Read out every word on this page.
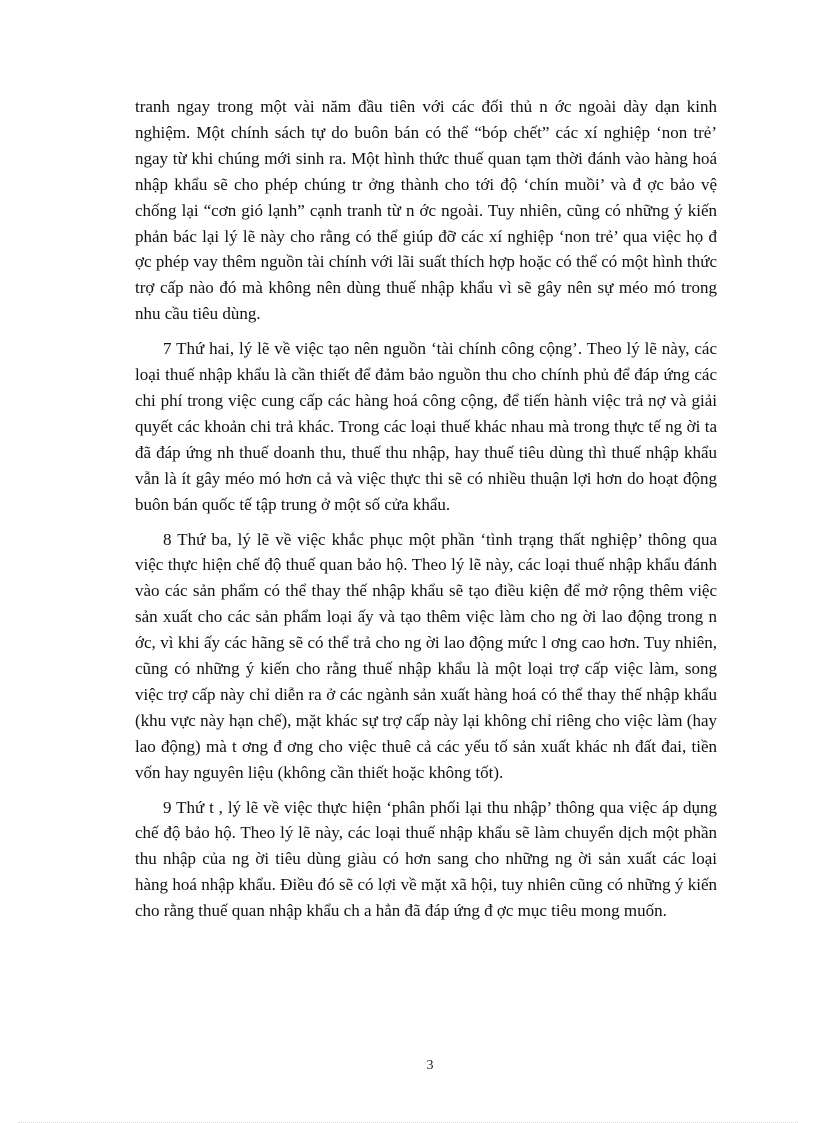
tranh ngay trong một vài năm đầu tiên với các đối thủ n ớc ngoài dày dạn kinh nghiệm. Một chính sách tự do buôn bán có thể “bóp chết” các xí nghiệp ‘non trẻ’ ngay từ khi chúng mới sinh ra. Một hình thức thuế quan tạm thời đánh vào hàng hoá nhập khẩu sẽ cho phép chúng tr ởng thành cho tới độ ‘chín muồi’ và đ ợc bảo vệ chống lại “cơn gió lạnh” cạnh tranh từ n ớc ngoài. Tuy nhiên, cũng có những ý kiến phản bác lại lý lẽ này cho rằng có thể giúp đỡ các xí nghiệp ‘non trẻ’ qua việc họ đ ợc phép vay thêm nguồn tài chính với lãi suất thích hợp hoặc có thể có một hình thức trợ cấp nào đó mà không nên dùng thuế nhập khẩu vì sẽ gây nên sự méo mó trong nhu cầu tiêu dùng.

7 Thứ hai, lý lẽ về việc tạo nên nguồn ‘tài chính công cộng’. Theo lý lẽ này, các loại thuế nhập khẩu là cần thiết để đảm bảo nguồn thu cho chính phủ để đáp ứng các chi phí trong việc cung cấp các hàng hoá công cộng, để tiến hành việc trả nợ và giải quyết các khoản chi trả khác. Trong các loại thuế khác nhau mà trong thực tế ng ời ta đã đáp ứng nh thuế doanh thu, thuế thu nhập, hay thuế tiêu dùng thì thuế nhập khẩu vẫn là ít gây méo mó hơn cả và việc thực thi sẽ có nhiều thuận lợi hơn do hoạt động buôn bán quốc tế tập trung ở một số cửa khẩu.

8 Thứ ba, lý lẽ về việc khắc phục một phần ‘tình trạng thất nghiệp’ thông qua việc thực hiện chế độ thuế quan bảo hộ. Theo lý lẽ này, các loại thuế nhập khẩu đánh vào các sản phẩm có thể thay thế nhập khẩu sẽ tạo điều kiện để mở rộng thêm việc sản xuất cho các sản phẩm loại ấy và tạo thêm việc làm cho ng ời lao động trong n ớc, vì khi ấy các hãng sẽ có thể trả cho ng ời lao động mức l ơng cao hơn. Tuy nhiên, cũng có những ý kiến cho rằng thuế nhập khẩu là một loại trợ cấp việc làm, song việc trợ cấp này chỉ diễn ra ở các ngành sản xuất hàng hoá có thể thay thế nhập khẩu (khu vực này hạn chế), mặt khác sự trợ cấp này lại không chỉ riêng cho việc làm (hay lao động) mà t ơng đ ơng cho việc thuê cả các yếu tố sản xuất khác nh đất đai, tiền vốn hay nguyên liệu (không cần thiết hoặc không tốt).

9 Thứ t , lý lẽ về việc thực hiện ‘phân phối lại thu nhập’ thông qua việc áp dụng chế độ bảo hộ. Theo lý lẽ này, các loại thuế nhập khẩu sẽ làm chuyển dịch một phần thu nhập của ng ời tiêu dùng giàu có hơn sang cho những ng ời sản xuất các loại hàng hoá nhập khẩu. Điều đó sẽ có lợi về mặt xã hội, tuy nhiên cũng có những ý kiến cho rằng thuế quan nhập khẩu ch a hẳn đã đáp ứng đ ợc mục tiêu mong muốn.

3
